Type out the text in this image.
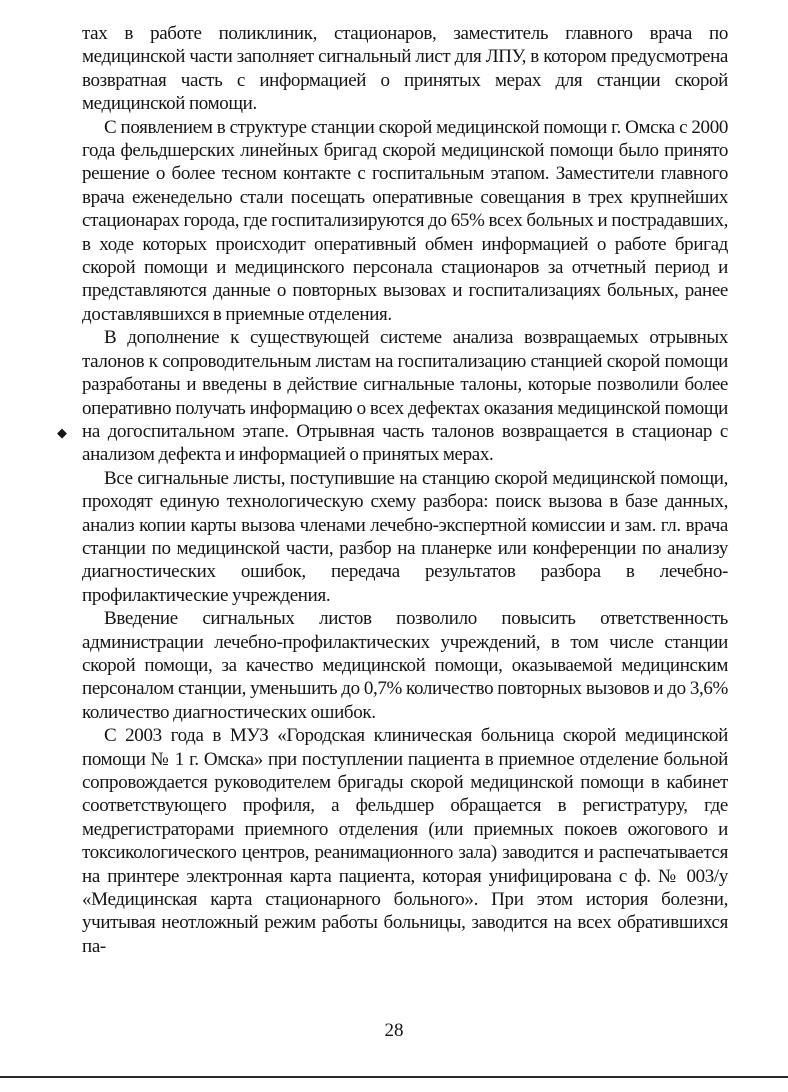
тах в работе поликлиник, стационаров, заместитель главного врача по медицинской части заполняет сигнальный лист для ЛПУ, в котором предусмотрена возвратная часть с информацией о принятых мерах для станции скорой медицинской помощи.

С появлением в структуре станции скорой медицинской помощи г. Омска с 2000 года фельдшерских линейных бригад скорой медицинской помощи было принято решение о более тесном контакте с госпитальным этапом. Заместители главного врача еженедельно стали посещать оперативные совещания в трех крупнейших стационарах города, где госпитализируются до 65% всех больных и пострадавших, в ходе которых происходит оперативный обмен информацией о работе бригад скорой помощи и медицинского персонала стационаров за отчетный период и представляются данные о повторных вызовах и госпитализациях больных, ранее доставлявшихся в приемные отделения.

В дополнение к существующей системе анализа возвращаемых отрывных талонов к сопроводительным листам на госпитализацию станцией скорой помощи разработаны и введены в действие сигнальные талоны, которые позволили более оперативно получать информацию о всех дефектах оказания медицинской помощи на догоспитальном этапе. Отрывная часть талонов возвращается в стационар с анализом дефекта и информацией о принятых мерах.

Все сигнальные листы, поступившие на станцию скорой медицинской помощи, проходят единую технологическую схему разбора: поиск вызова в базе данных, анализ копии карты вызова членами лечебно-экспертной комиссии и зам. гл. врача станции по медицинской части, разбор на планерке или конференции по анализу диагностических ошибок, передача результатов разбора в лечебно-профилактические учреждения.

Введение сигнальных листов позволило повысить ответственность администрации лечебно-профилактических учреждений, в том числе станции скорой помощи, за качество медицинской помощи, оказываемой медицинским персоналом станции, уменьшить до 0,7% количество повторных вызовов и до 3,6% количество диагностических ошибок.

С 2003 года в МУЗ «Городская клиническая больница скорой медицинской помощи № 1 г. Омска» при поступлении пациента в приемное отделение больной сопровождается руководителем бригады скорой медицинской помощи в кабинет соответствующего профиля, а фельдшер обращается в регистратуру, где медрегистраторами приемного отделения (или приемных покоев ожогового и токсикологического центров, реанимационного зала) заводится и распечатывается на принтере электронная карта пациента, которая унифицирована с ф. № 003/у «Медицинская карта стационарного больного». При этом история болезни, учитывая неотложный режим работы больницы, заводится на всех обратившихся па-

◆
28
